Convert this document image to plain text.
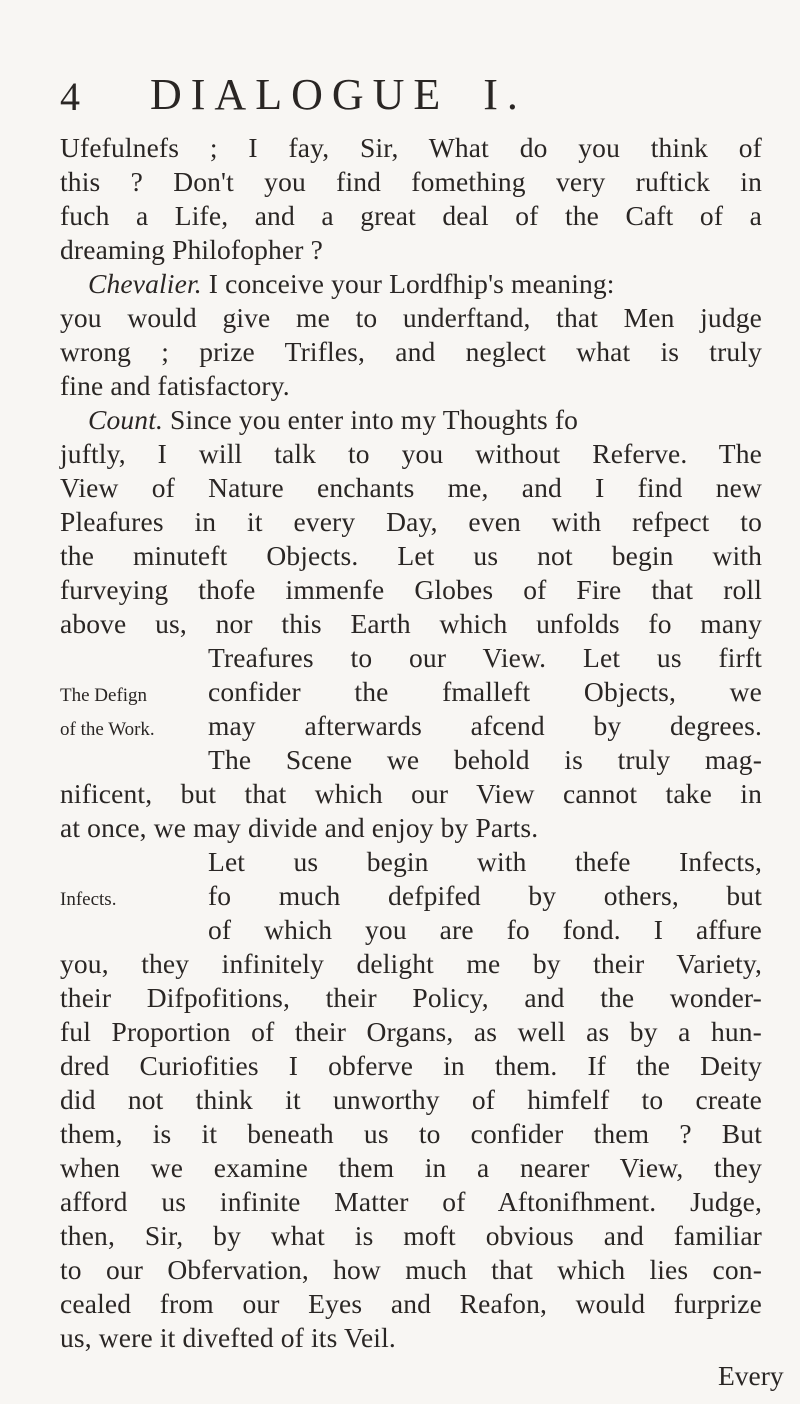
4 DIALOGUE I.
Ufefulnefs ; I fay, Sir, What do you think of
this ? Don't you find fomething very ruftick in
fuch a Life, and a great deal of the Caft of a
dreaming Philofopher ?
Chevalier. I conceive your Lordfhip's meaning:
you would give me to underftand, that Men judge
wrong ; prize Trifles, and neglect what is truly
fine and fatisfactory.
Count. Since you enter into my Thoughts fo
juftly, I will talk to you without Referve. The
View of Nature enchants me, and I find new
Pleafures in it every Day, even with refpect to
the minuteft Objects. Let us not begin with
furveying thofe immenfe Globes of Fire that roll
above us, nor this Earth which unfolds fo many
Treafures to our View. Let us firft
The Defign confider the fmalleft Objects, we
of the Work. may afterwards afcend by degrees.
The Scene we behold is truly mag-
nificent, but that which our View cannot take in
at once, we may divide and enjoy by Parts.
Let us begin with thefe Infects,
Infects.	fo much defpifed by others, but
of which you are fo fond. I affure
you, they infinitely delight me by their Variety,
their Difpofitions, their Policy, and the wonder-
ful Proportion of their Organs, as well as by a hun-
dred Curiofities I obferve in them. If the Deity
did not think it unworthy of himfelf to create
them, is it beneath us to confider them ? But
when we examine them in a nearer View, they
afford us infinite Matter of Aftonifhment. Judge,
then, Sir, by what is moft obvious and familiar
to our Obfervation, how much that which lies con-
cealed from our Eyes and Reafon, would furprize
us, were it divefted of its Veil.
Every
